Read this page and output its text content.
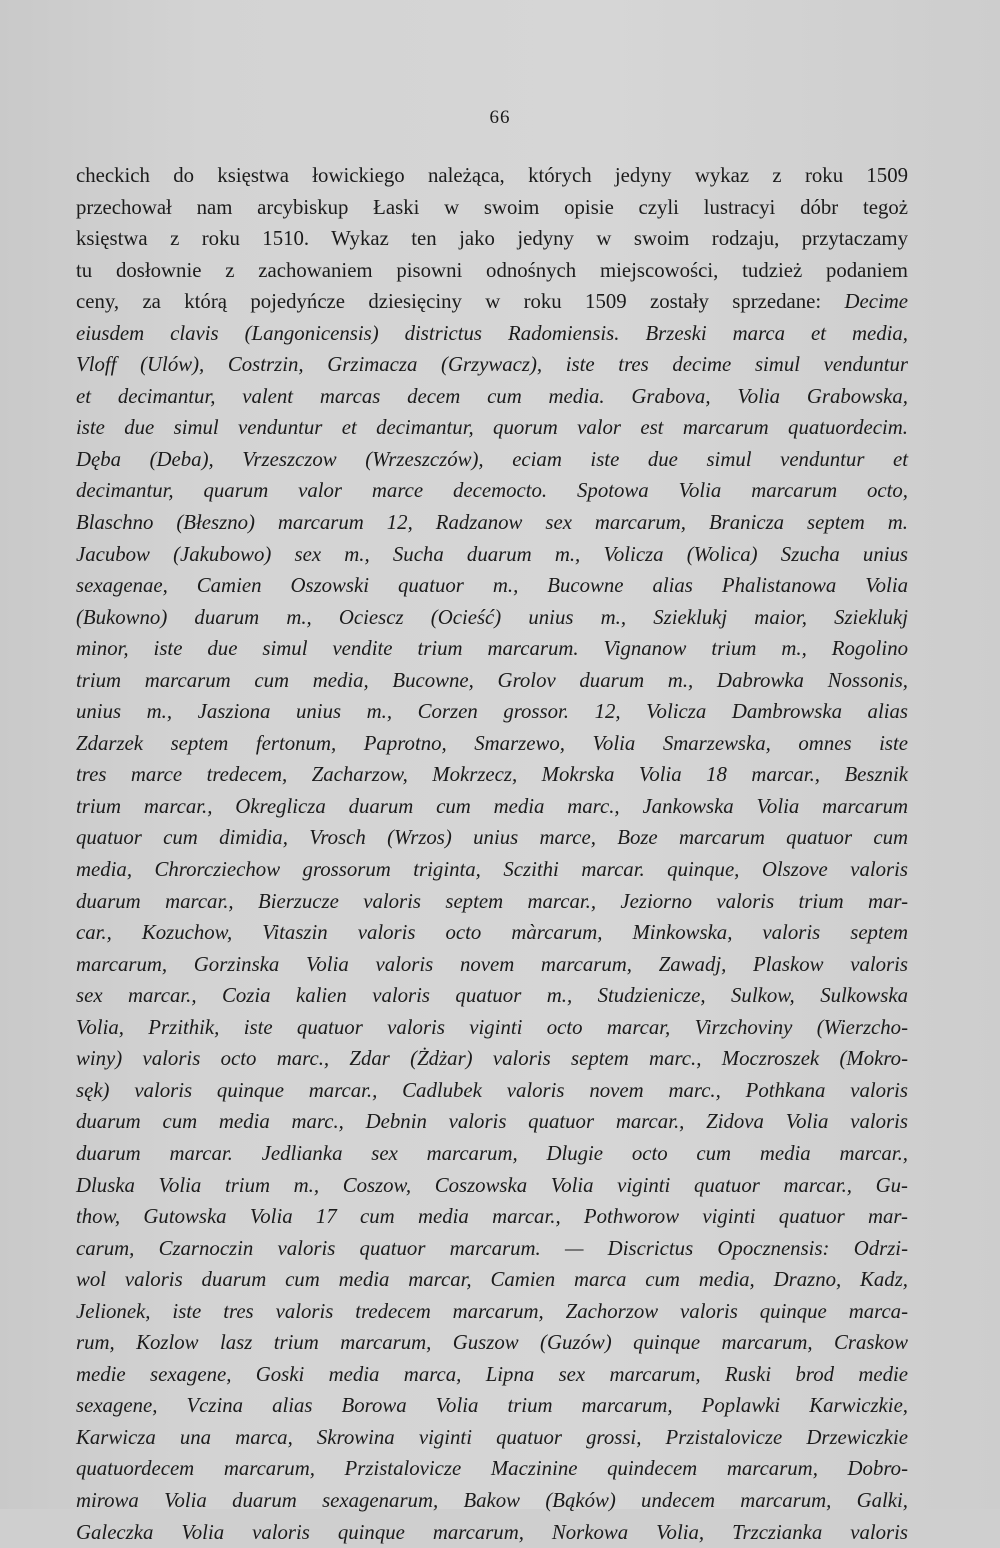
66
checkich do księstwa łowickiego należąca, których jedyny wykaz z roku 1509
przechował nam arcybiskup Łaski w swoim opisie czyli lustracyi dóbr tegoż
księstwa z roku 1510. Wykaz ten jako jedyny w swoim rodzaju, przytaczamy
tu dosłownie z zachowaniem pisowni odnośnych miejscowości, tudzież podaniem
ceny, za którą pojedyńcze dziesięciny w roku 1509 zostały sprzedane: Decime
eiusdem clavis (Langonicensis) districtus Radomiensis. Brzeski marca et media,
Vloff (Ulów), Costrzin, Grzimacza (Grzywacz), iste tres decime simul venduntur
et decimantur, valent marcas decem cum media. Grabova, Volia Grabowska,
iste due simul venduntur et decimantur, quorum valor est marcarum quatuordecim.
Dęba (Deba), Vrzeszczow (Wrzeszczów), eciam iste due simul venduntur et
decimantur, quarum valor marce decemocto. Spotowa Volia marcarum octo,
Blaschno (Błeszno) marcarum 12, Radzanow sex marcarum, Branicza septem m.
Jacubow (Jakubowo) sex m., Sucha duarum m., Volicza (Wolica) Szucha unius
sexagenae, Camien Oszowski quatuor m., Bucowne alias Phalistanowa Volia
(Bukowno) duarum m., Ociescz (Ocieść) unius m., Szieklukj maior, Szieklukj
minor, iste due simul vendite trium marcarum. Vignanow trium m., Rogolino
trium marcarum cum media, Bucowne, Grolov duarum m., Dabrowka Nossonis,
unius m., Jasziona unius m., Corzen grossor. 12, Volicza Dambrowska alias
Zdarzek septem fertonum, Paprotno, Smarzewo, Volia Smarzewska, omnes iste
tres marce tredecem, Zacharzow, Mokrzecz, Mokrska Volia 18 marcar., Besznik
trium marcar., Okreglicza duarum cum media marc., Jankowska Volia marcarum
quatuor cum dimidia, Vrosch (Wrzos) unius marce, Boze marcarum quatuor cum
media, Chrorcziechow grossorum triginta, Sczithi marcar. quinque, Olszove valoris
duarum marcar., Bierzucze valoris septem marcar., Jeziorno valoris trium mar-
car., Kozuchow, Vitaszin valoris octo màrcarum, Minkowska, valoris septem
marcarum, Gorzinska Volia valoris novem marcarum, Zawadj, Plaskow valoris
sex marcar., Cozia kalien valoris quatuor m., Studzienicze, Sulkow, Sulkowska
Volia, Przithik, iste quatuor valoris viginti octo marcar, Virzchoviny (Wierzcho-
winy) valoris octo marc., Zdar (Żdżar) valoris septem marc., Moczroszek (Mokro-
sęk) valoris quinque marcar., Cadlubek valoris novem marc., Pothkana valoris
duarum cum media marc., Debnin valoris quatuor marcar., Zidova Volia valoris
duarum marcar. Jedlianka sex marcarum, Dlugie octo cum media marcar.,
Dluska Volia trium m., Coszow, Coszowska Volia viginti quatuor marcar., Gu-
thow, Gutowska Volia 17 cum media marcar., Pothworow viginti quatuor mar-
carum, Czarnoczin valoris quatuor marcarum. — Discrictus Opocznensis: Odrzi-
wol valoris duarum cum media marcar, Camien marca cum media, Drazno, Kadz,
Jelionek, iste tres valoris tredecem marcarum, Zachorzow valoris quinque marca-
rum, Kozlow lasz trium marcarum, Guszow (Guzów) quinque marcarum, Craskow
medie sexagene, Goski media marca, Lipna sex marcarum, Ruski brod medie
sexagene, Vczina alias Borowa Volia trium marcarum, Poplawki Karwiczkie,
Karwicza una marca, Skrowina viginti quatuor grossi, Przistalovicze Drzewiczkie
quatuordecem marcarum, Przistalovicze Maczinine quindecem marcarum, Dobro-
mirowa Volia duarum sexagenarum, Bakow (Bąków) undecem marcarum, Galki,
Galeczka Volia valoris quinque marcarum, Norkowa Volia, Trzczianka valoris
